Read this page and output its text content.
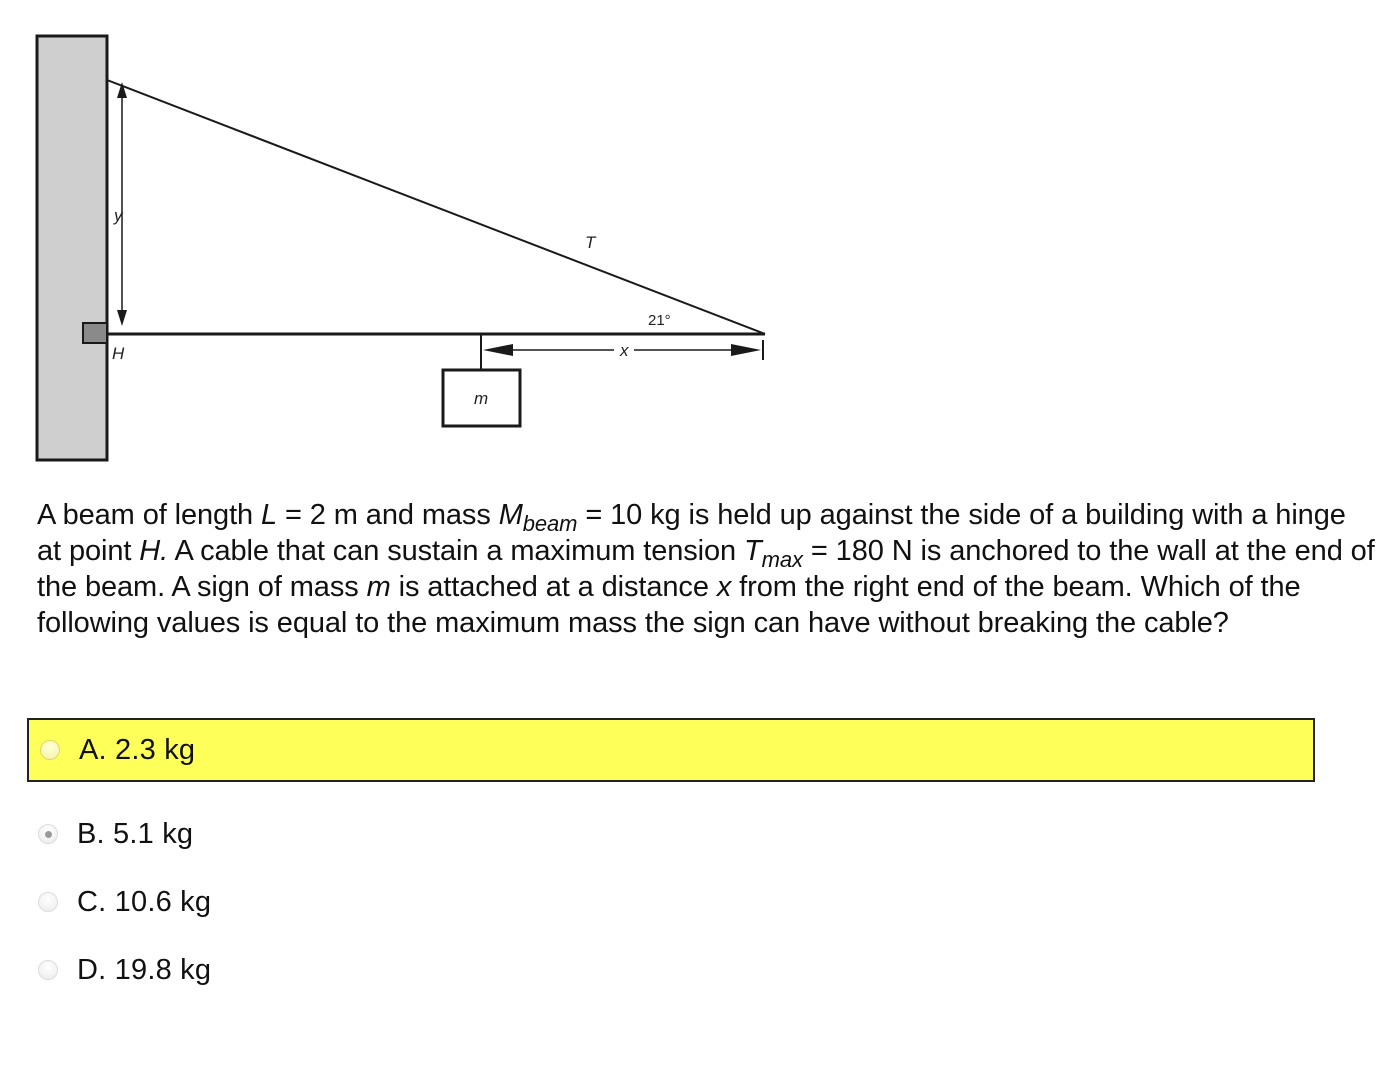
y
T
21°
H	x
m
A beam of length L = 2 m and mass $M_{beam} = 10$ kg is held up against the side of a building with a hinge at point H. A cable that can sustain a maximum tension $T_{max} = 180$ N is anchored to the wall at the end of the beam. A sign of mass m is attached at a distance x from the right end of the beam. Which of the following values is equal to the maximum mass the sign can have without breaking the cable?
A. 2.3 kg
B. 5.1 kg
C. 10.6 kg
D. 19.8 kg
